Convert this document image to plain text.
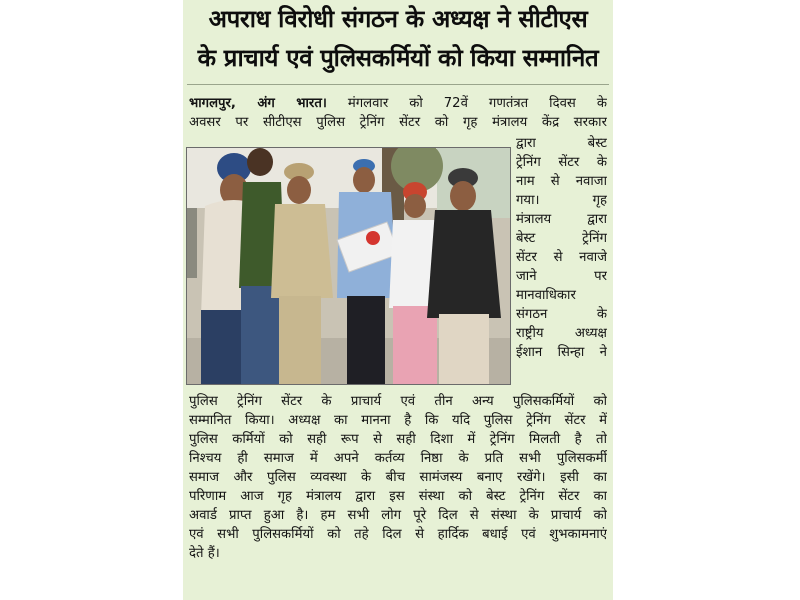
अपराध विरोधी संगठन के अध्यक्ष ने सीटीएस
के प्राचार्य एवं पुलिसकर्मियों को किया सम्मानित
भागलपुर, अंग भारत। मंगलवार को 72वें गणतंत्रत दिवस के
अवसर पर सीटीएस पुलिस ट्रेनिंग सेंटर को गृह मंत्रालय केंद्र सरकार
द्वारा बेस्ट
ट्रेनिंग सेंटर के
नाम से नवाजा
गया। गृह
मंत्रालय द्वारा
बेस्ट ट्रेनिंग
सेंटर से नवाजे
जाने पर
मानवाधिकार
संगठन के
राष्ट्रीय अध्यक्ष
ईशान सिन्हा ने
पुलिस ट्रेनिंग सेंटर के प्राचार्य एवं तीन अन्य पुलिसकर्मियों को
सम्मानित किया। अध्यक्ष का मानना है कि यदि पुलिस ट्रेनिंग सेंटर में
पुलिस कर्मियों को सही रूप से सही दिशा में ट्रेनिंग मिलती है तो
निश्चय ही समाज में अपने कर्तव्य निष्ठा के प्रति सभी पुलिसकर्मी
समाज और पुलिस व्यवस्था के बीच सामंजस्य बनाए रखेंगे। इसी का
परिणाम आज गृह मंत्रालय द्वारा इस संस्था को बेस्ट ट्रेनिंग सेंटर का
अवार्ड प्राप्त हुआ है। हम सभी लोग पूरे दिल से संस्था के प्राचार्य को
एवं सभी पुलिसकर्मियों को तहे दिल से हार्दिक बधाई एवं शुभकामनाएं
देते हैं।
